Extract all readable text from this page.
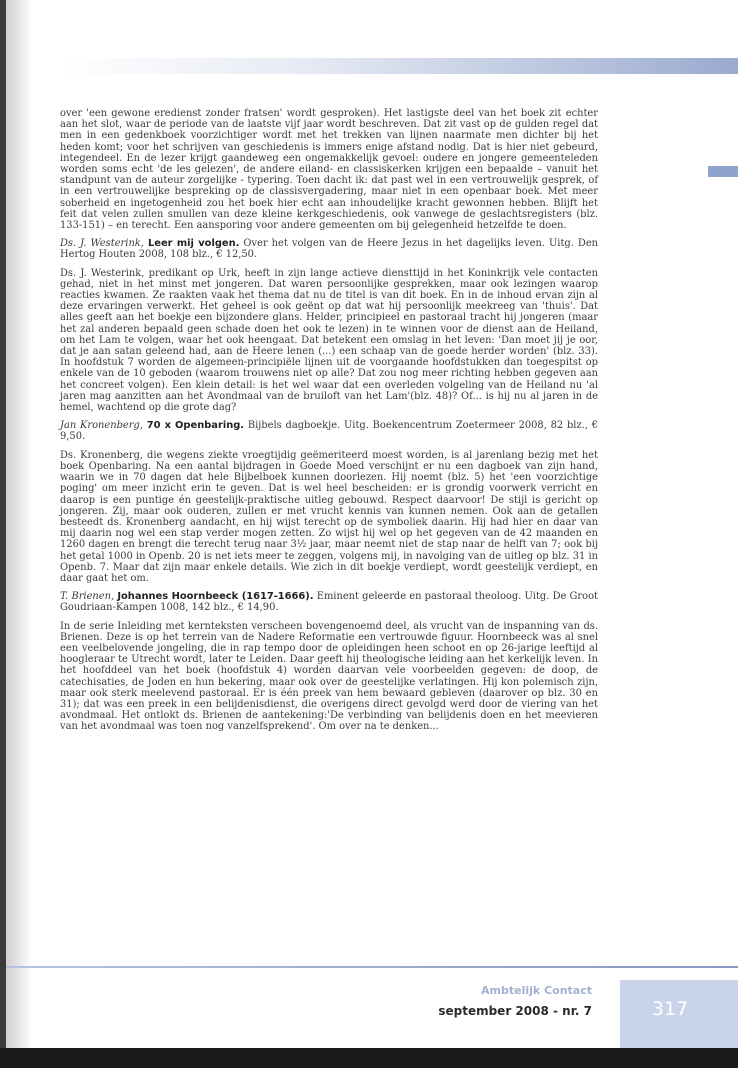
over 'een gewone eredienst zonder fratsen' wordt gesproken). Het lastigste deel van het boek zit echter aan het slot, waar de periode van de laatste vijf jaar wordt beschreven. Dat zit vast op de gulden regel dat men in een gedenkboek voorzichtiger wordt met het trekken van lijnen naarmate men dichter bij het heden komt; voor het schrijven van geschiedenis is immers enige afstand nodig. Dat is hier niet gebeurd, integendeel. En de lezer krijgt gaandeweg een ongemakkelijk gevoel: oudere en jongere gemeenteleden worden soms echt 'de les gelezen', de andere eiland- en classiskerken krijgen een bepaalde – vanuit het standpunt van de auteur zorgelijke - typering. Toen dacht ik: dat past wel in een vertrouwelijk gesprek, of in een vertrouwelijke bespreking op de classisvergadering, maar niet in een openbaar boek. Met meer soberheid en ingetogenheid zou het boek hier echt aan inhoudelijke kracht gewonnen hebben. Blijft het feit dat velen zullen smullen van deze kleine kerkgeschiedenis, ook vanwege de geslachtsregisters (blz. 133-151) – en terecht. Een aansporing voor andere gemeenten om bij gelegenheid hetzelfde te doen.

Ds. J. Westerink, Leer mij volgen. Over het volgen van de Heere Jezus in het dagelijks leven. Uitg. Den Hertog Houten 2008, 108 blz., € 12,50.

Ds. J. Westerink, predikant op Urk, heeft in zijn lange actieve diensttijd in het Koninkrijk vele contacten gehad, niet in het minst met jongeren. Dat waren persoonlijke gesprekken, maar ook lezingen waarop reacties kwamen. Ze raakten vaak het thema dat nu de titel is van dit boek. En in de inhoud ervan zijn al deze ervaringen verwerkt. Het geheel is ook geënt op dat wat hij persoonlijk meekreeg van 'thuis'. Dat alles geeft aan het boekje een bijzondere glans. Helder, principieel en pastoraal tracht hij jongeren (maar het zal anderen bepaald geen schade doen het ook te lezen) in te winnen voor de dienst aan de Heiland, om het Lam te volgen, waar het ook heengaat. Dat betekent een omslag in het leven: 'Dan moet jij je oor, dat je aan satan geleend had, aan de Heere lenen (...) een schaap van de goede herder worden' (blz. 33). In hoofdstuk 7 worden de algemeen-principiële lijnen uit de voorgaande hoofdstukken dan toegespitst op enkele van de 10 geboden (waarom trouwens niet op alle? Dat zou nog meer richting hebben gegeven aan het concreet volgen). Een klein detail: is het wel waar dat een overleden volgeling van de Heiland nu 'al jaren mag aanzitten aan het Avondmaal van de bruiloft van het Lam'(blz. 48)? Of... is hij nu al jaren in de hemel, wachtend op die grote dag?

Jan Kronenberg, 70 x Openbaring. Bijbels dagboekje. Uitg. Boekencentrum Zoetermeer 2008, 82 blz., € 9,50.

Ds. Kronenberg, die wegens ziekte vroegtijdig geëmeriteerd moest worden, is al jarenlang bezig met het boek Openbaring. Na een aantal bijdragen in Goede Moed verschijnt er nu een dagboek van zijn hand, waarin we in 70 dagen dat hele Bijbelboek kunnen doorlezen. Hij noemt (blz. 5) het 'een voorzichtige poging' om meer inzicht erin te geven. Dat is wel heel bescheiden: er is grondig voorwerk verricht en daarop is een puntige én geestelijk-praktische uitleg gebouwd. Respect daarvoor! De stijl is gericht op jongeren. Zij, maar ook ouderen, zullen er met vrucht kennis van kunnen nemen. Ook aan de getallen besteedt ds. Kronenberg aandacht, en hij wijst terecht op de symboliek daarin. Hij had hier en daar van mij daarin nog wel een stap verder mogen zetten. Zo wijst hij wel op het gegeven van de 42 maanden en 1260 dagen en brengt die terecht terug naar 3½ jaar, maar neemt niet de stap naar de helft van 7; ook bij het getal 1000 in Openb. 20 is net iets meer te zeggen, volgens mij, in navolging van de uitleg op blz. 31 in Openb. 7. Maar dat zijn maar enkele details. Wie zich in dit boekje verdiept, wordt geestelijk verdiept, en daar gaat het om.

T. Brienen, Johannes Hoornbeeck (1617-1666). Eminent geleerde en pastoraal theoloog. Uitg. De Groot Goudriaan-Kampen 1008, 142 blz., € 14,90.

In de serie Inleiding met kernteksten verscheen bovengenoemd deel, als vrucht van de inspanning van ds. Brienen. Deze is op het terrein van de Nadere Reformatie een vertrouwde figuur. Hoornbeeck was al snel een veelbelovende jongeling, die in rap tempo door de opleidingen heen schoot en op 26-jarige leeftijd al hoogleraar te Utrecht wordt, later te Leiden. Daar geeft hij theologische leiding aan het kerkelijk leven. In het hoofddeel van het boek (hoofdstuk 4) worden daarvan vele voorbeelden gegeven: de doop, de catechisaties, de Joden en hun bekering, maar ook over de geestelijke verlatingen. Hij kon polemisch zijn, maar ook sterk meelevend pastoraal. Er is één preek van hem bewaard gebleven (daarover op blz. 30 en 31); dat was een preek in een belijdenisdienst, die overigens direct gevolgd werd door de viering van het avondmaal. Het ontlokt ds. Brienen de aantekening:'De verbinding van belijdenis doen en het meevieren van het avondmaal was toen nog vanzelfsprekend'. Om over na te denken...

Ambtelijk Contact
september 2008 - nr. 7	317
